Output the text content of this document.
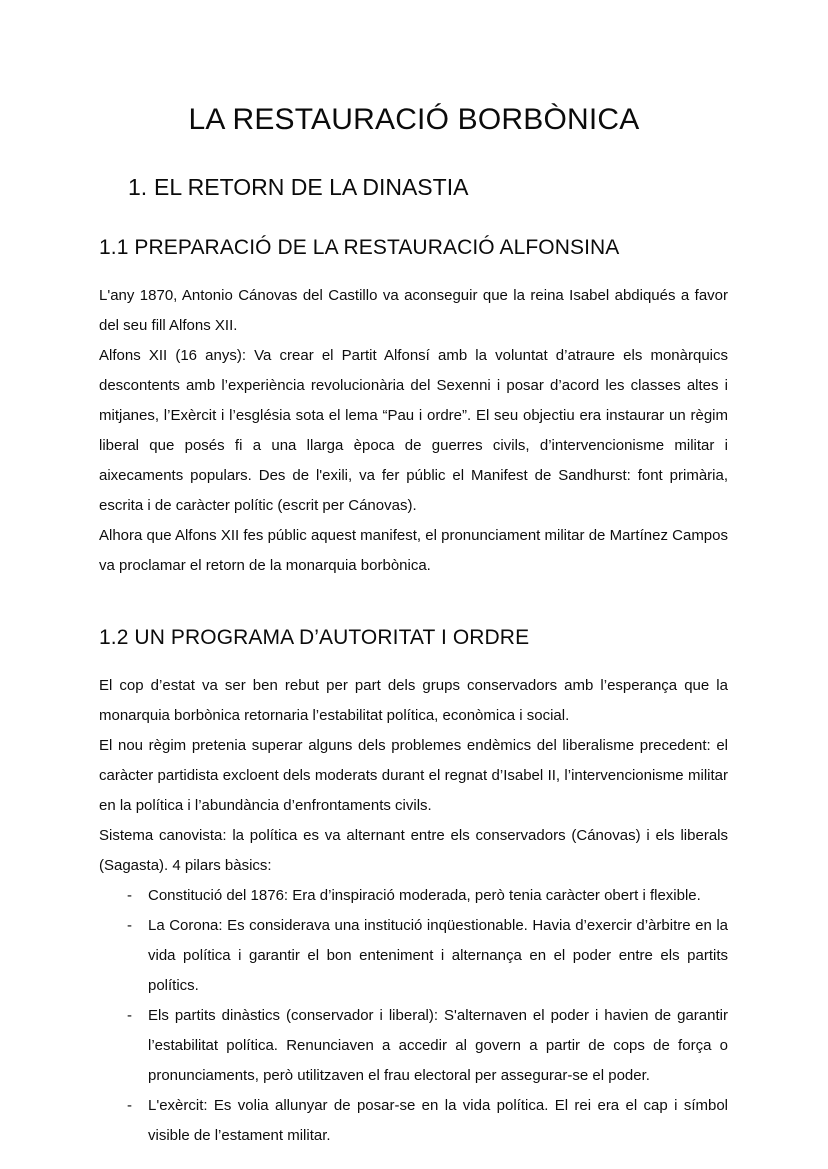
LA RESTAURACIÓ BORBÒNICA
1. EL RETORN DE LA DINASTIA
1.1 PREPARACIÓ DE LA RESTAURACIÓ ALFONSINA

L'any 1870, Antonio Cánovas del Castillo va aconseguir que la reina Isabel abdiqués a favor del seu fill Alfons XII.

Alfons XII (16 anys): Va crear el Partit Alfonsí amb la voluntat d’atraure els monàrquics descontents amb l’experiència revolucionària del Sexenni i posar d’acord les classes altes i mitjanes, l’Exèrcit i l’església sota el lema “Pau i ordre”. El seu objectiu era instaurar un règim liberal que posés fi a una llarga època de guerres civils, d’intervencionisme militar i aixecaments populars. Des de l'exili, va fer públic el Manifest de Sandhurst: font primària, escrita i de caràcter polític (escrit per Cánovas).

Alhora que Alfons XII fes públic aquest manifest, el pronunciament militar de Martínez Campos va proclamar el retorn de la monarquia borbònica.

1.2 UN PROGRAMA D’AUTORITAT I ORDRE

El cop d’estat va ser ben rebut per part dels grups conservadors amb l’esperança que la monarquia borbònica retornaria l’estabilitat política, econòmica i social.

El nou règim pretenia superar alguns dels problemes endèmics del liberalisme precedent: el caràcter partidista excloent dels moderats durant el regnat d’Isabel II, l’intervencionisme militar en la política i l’abundància d’enfrontaments civils.

Sistema canovista: la política es va alternant entre els conservadors (Cánovas) i els liberals (Sagasta). 4 pilars bàsics:

-	Constitució del 1876: Era d’inspiració moderada, però tenia caràcter obert i flexible.
-	La Corona: Es considerava una institució inqüestionable. Havia d’exercir d’àrbitre en la vida política i garantir el bon enteniment i alternança en el poder entre els partits polítics.
-	Els partits dinàstics (conservador i liberal): S'alternaven el poder i havien de garantir l’estabilitat política. Renunciaven a accedir al govern a partir de cops de força o pronunciaments, però utilitzaven el frau electoral per assegurar-se el poder.
-	L'exèrcit: Es volia allunyar de posar-se en la vida política. El rei era el cap i símbol visible de l’estament militar.
